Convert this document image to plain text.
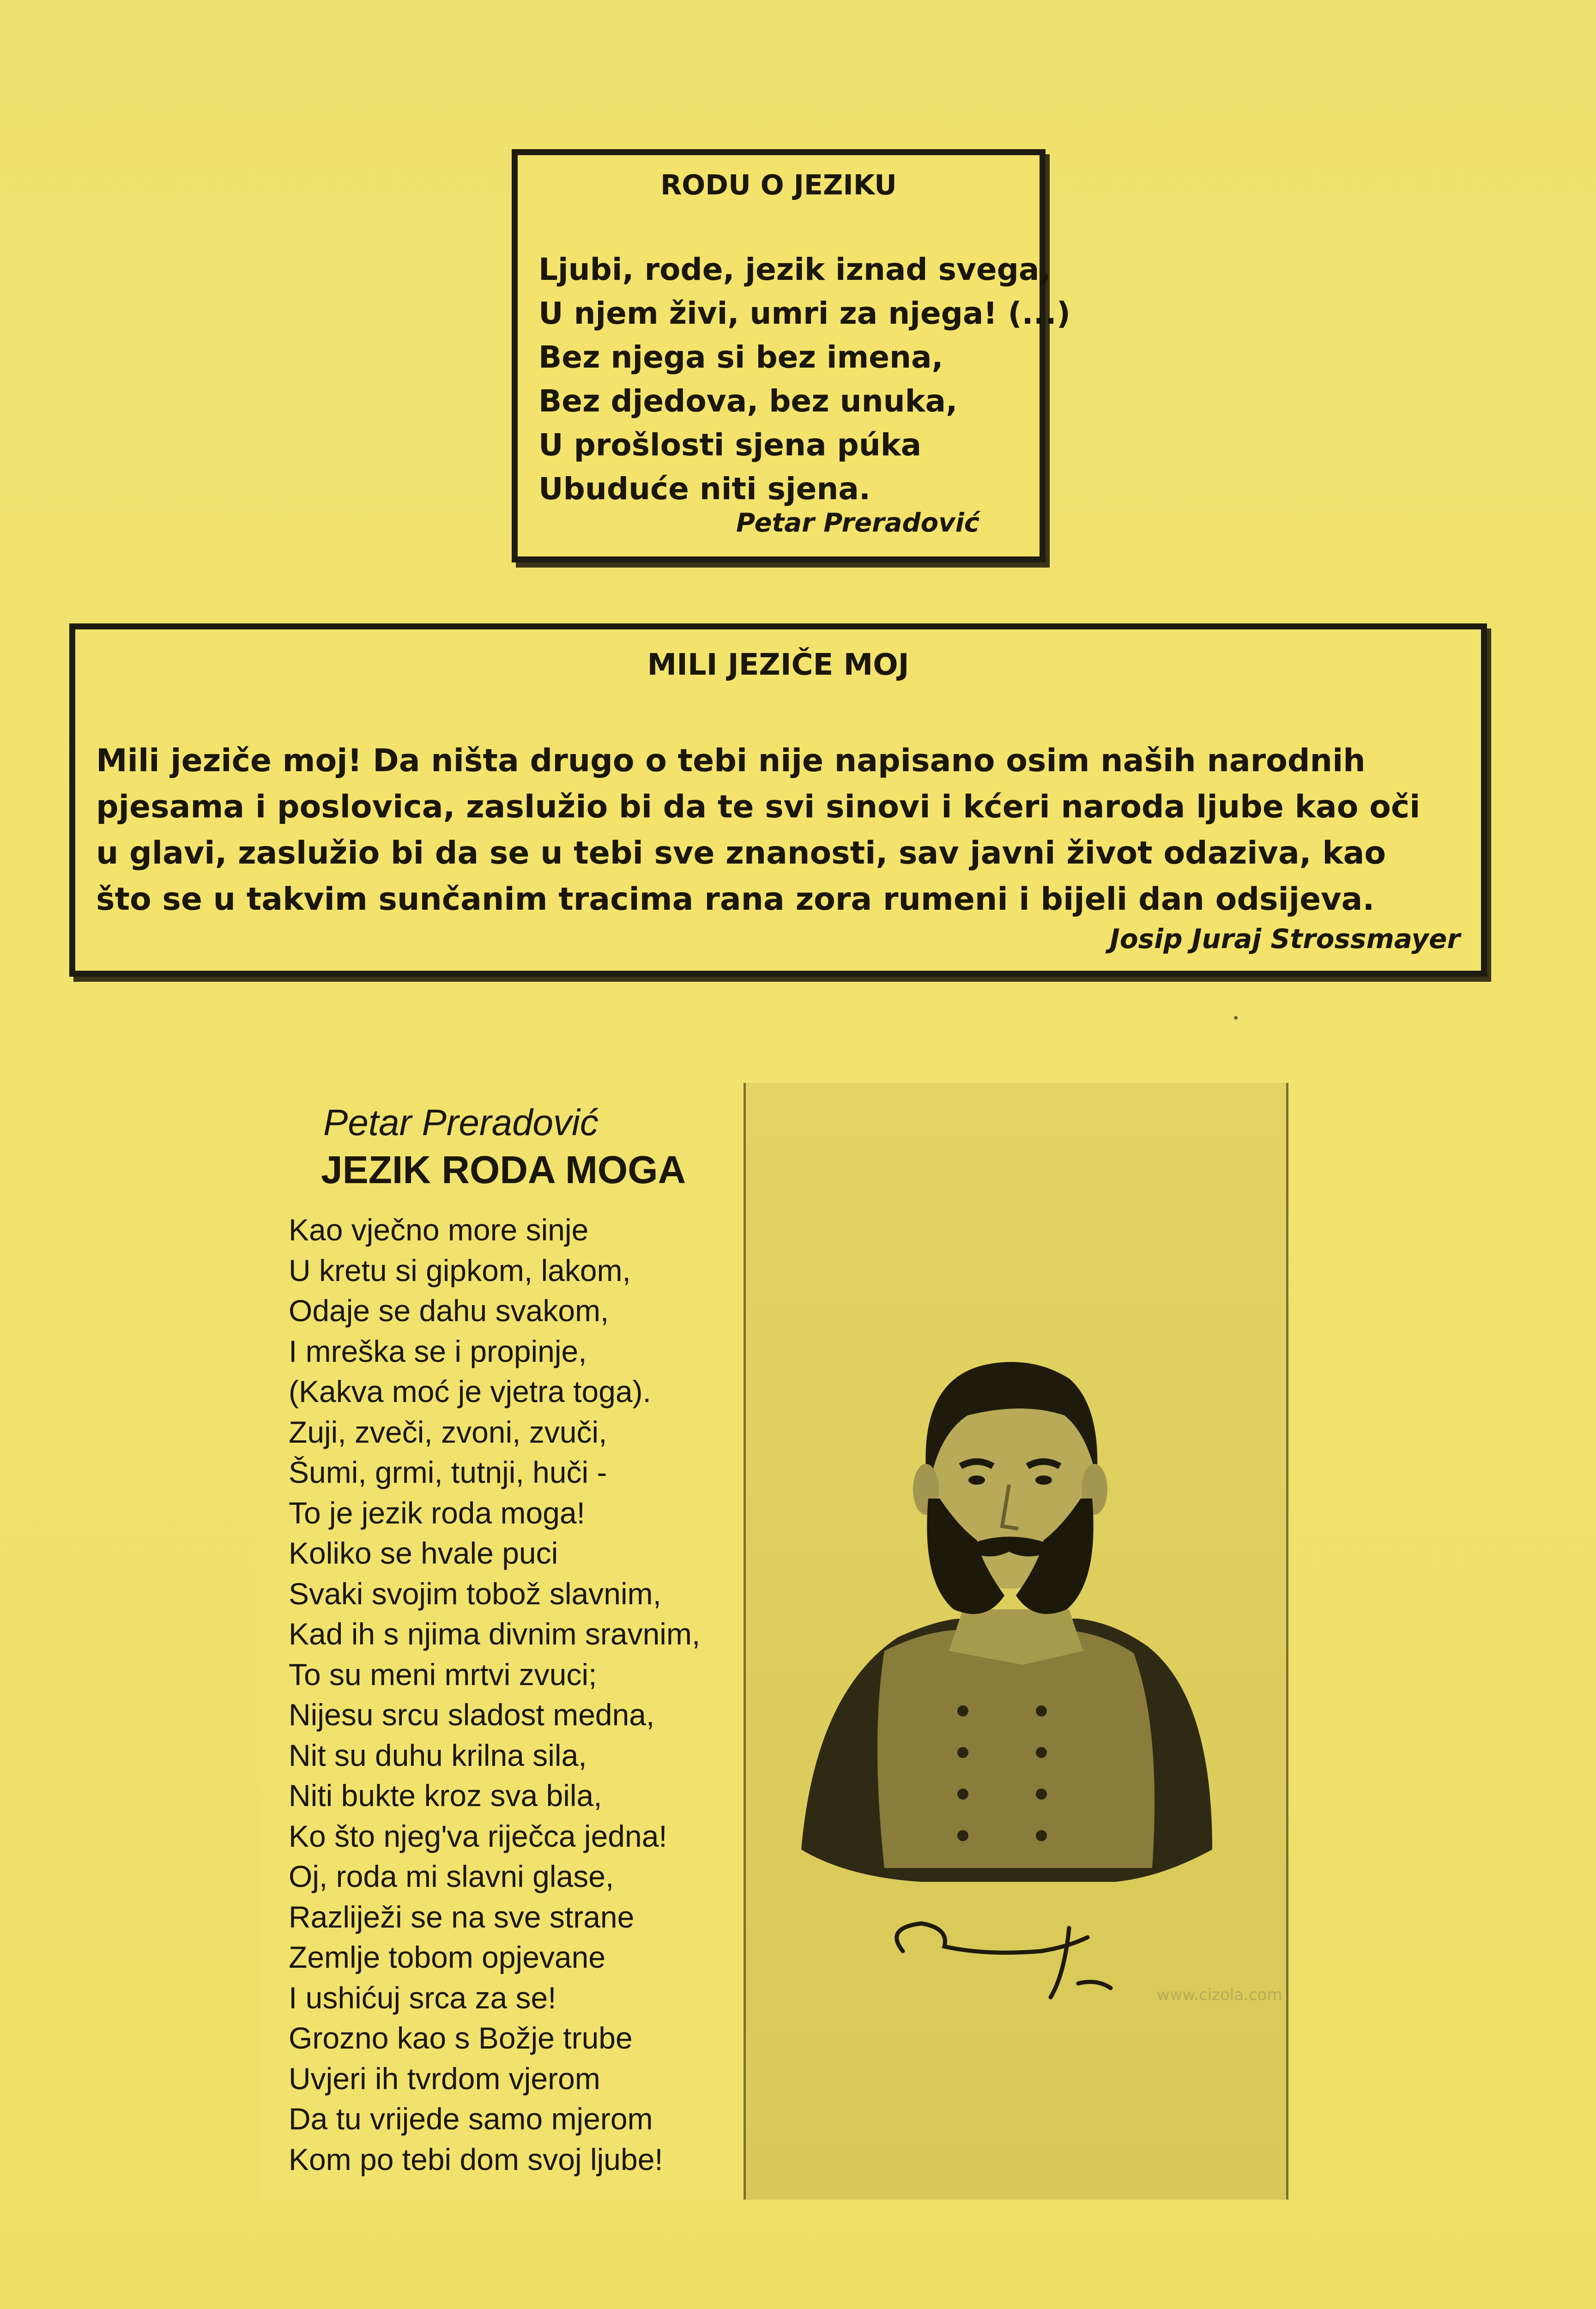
RODU O JEZIKU
Ljubi, rode, jezik iznad svega,
U njem živi, umri za njega! (...)
Bez njega si bez imena,
Bez djedova, bez unuka,
U prošlosti sjena púka
Ubuduće niti sjena.
Petar Preradović
MILI JEZIČE MOJ

Mili jeziče moj! Da ništa drugo o tebi nije napisano osim naših narodnih pjesama i poslovica, zaslužio bi da te svi sinovi i kćeri naroda ljube kao oči u glavi, zaslužio bi da se u tebi sve znanosti, sav javni život odaziva, kao što se u takvim sunčanim tracima rana zora rumeni i bijeli dan odsijeva.

Josip Juraj Strossmayer
Petar Preradović
JEZIK RODA MOGA
Kao vječno more sinje
U kretu si gipkom, lakom,
Odaje se dahu svakom,
I mreška se i propinje,
(Kakva moć je vjetra toga).
Zuji, zveči, zvoni, zvuči,
Šumi, grmi, tutnji, huči -
To je jezik roda moga!
Koliko se hvale puci
Svaki svojim tobož slavnim,
Kad ih s njima divnim sravnim,
To su meni mrtvi zvuci;
Nijesu srcu sladost medna,
Nit su duhu krilna sila,
Niti bukte kroz sva bila,
Ko što njeg'va riječca jedna!
Oj, roda mi slavni glase,
Razliježi se na sve strane
Zemlje tobom opjevane
I ushićuj srca za se!
Grozno kao s Božje trube
Uvjeri ih tvrdom vjerom
Da tu vrijede samo mjerom
Kom po tebi dom svoj ljube!
www.cizola.com
